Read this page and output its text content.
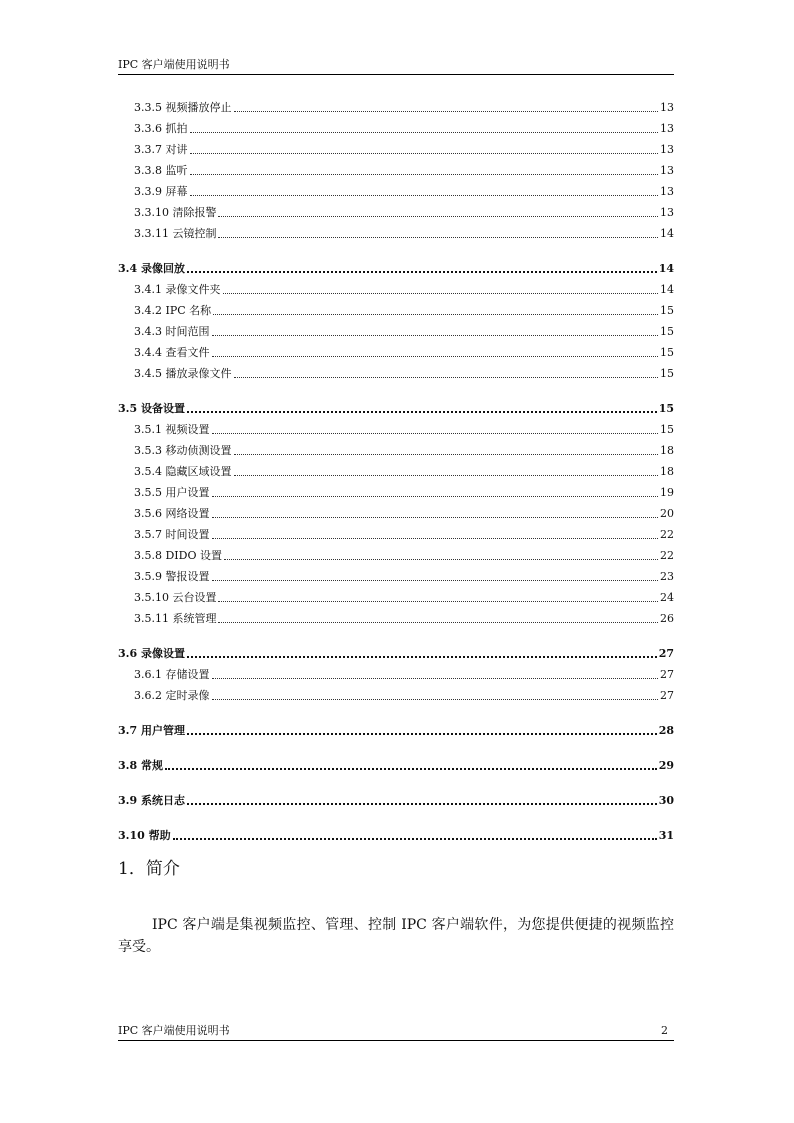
IPC 客户端使用说明书
3.3.5 视频播放停止	13
3.3.6 抓拍	13
3.3.7 对讲	13
3.3.8 监听	13
3.3.9 屏幕	13
3.3.10 清除报警	13
3.3.11 云镜控制	14
3.4 录像回放	14
3.4.1 录像文件夹	14
3.4.2 IPC 名称	15
3.4.3 时间范围	15
3.4.4 查看文件	15
3.4.5 播放录像文件	15
3.5 设备设置	15
3.5.1 视频设置	15
3.5.3 移动侦测设置	18
3.5.4 隐藏区域设置	18
3.5.5 用户设置	19
3.5.6 网络设置	20
3.5.7 时间设置	22
3.5.8 DIDO 设置	22
3.5.9 警报设置	23
3.5.10 云台设置	24
3.5.11 系统管理	26
3.6 录像设置	27
3.6.1 存储设置	27
3.6.2 定时录像	27
3.7 用户管理	28
3.8 常规	29
3.9 系统日志	30
3.10 帮助	31
1．简介
IPC 客户端是集视频监控、管理、控制 IPC 客户端软件，为您提供便捷的视频监控享受。
IPC 客户端使用说明书	2
